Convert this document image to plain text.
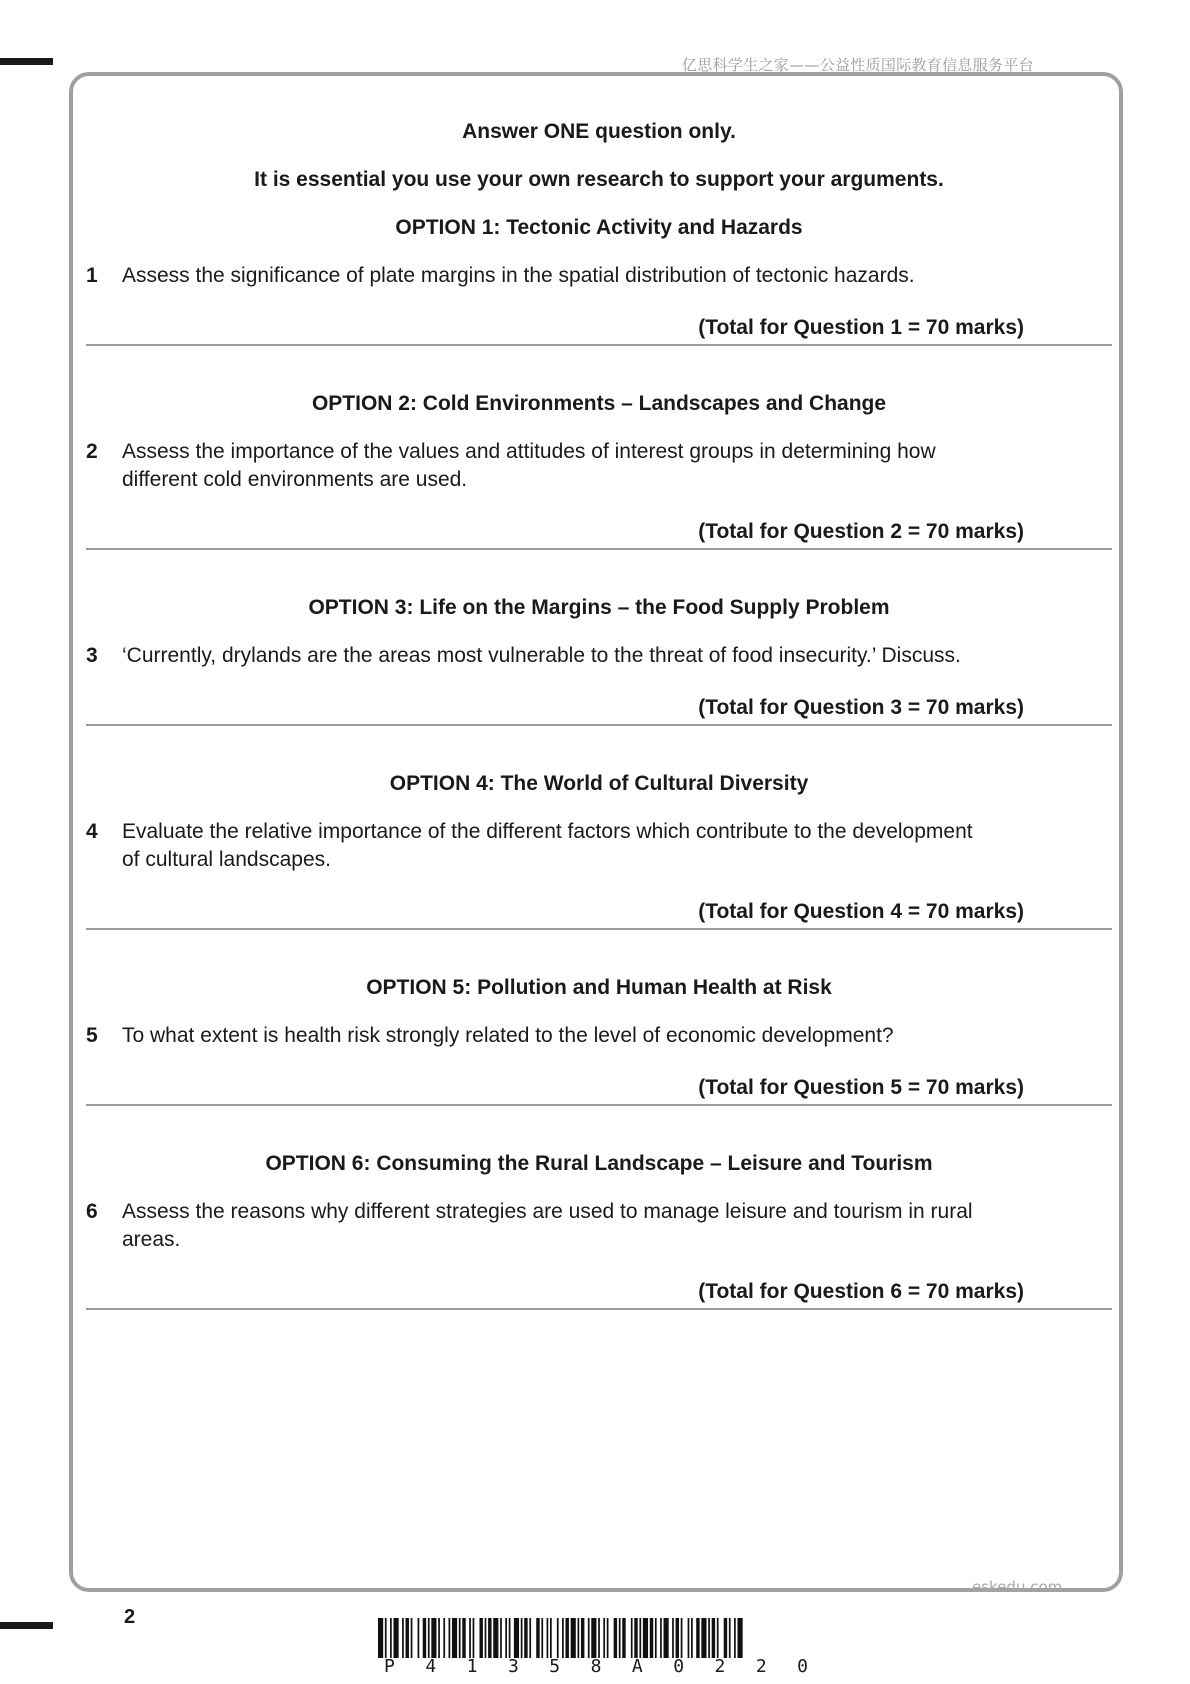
亿思科学生之家——公益性质国际教育信息服务平台

Answer ONE question only.

It is essential you use your own research to support your arguments.

OPTION 1: Tectonic Activity and Hazards

1	Assess the significance of plate margins in the spatial distribution of tectonic hazards.
(Total for Question 1 = 70 marks)

OPTION 2: Cold Environments – Landscapes and Change

2	Assess the importance of the values and attitudes of interest groups in determining how different cold environments are used.
(Total for Question 2 = 70 marks)

OPTION 3: Life on the Margins – the Food Supply Problem

3	‘Currently, drylands are the areas most vulnerable to the threat of food insecurity.’ Discuss.
(Total for Question 3 = 70 marks)

OPTION 4: The World of Cultural Diversity

4	Evaluate the relative importance of the different factors which contribute to the development of cultural landscapes.
(Total for Question 4 = 70 marks)

OPTION 5: Pollution and Human Health at Risk

5	To what extent is health risk strongly related to the level of economic development?
(Total for Question 5 = 70 marks)

OPTION 6: Consuming the Rural Landscape – Leisure and Tourism

6	Assess the reasons why different strategies are used to manage leisure and tourism in rural areas.
(Total for Question 6 = 70 marks)
eskedu.com
2
P 4 1 3 5 8 A 0 2 2 0
